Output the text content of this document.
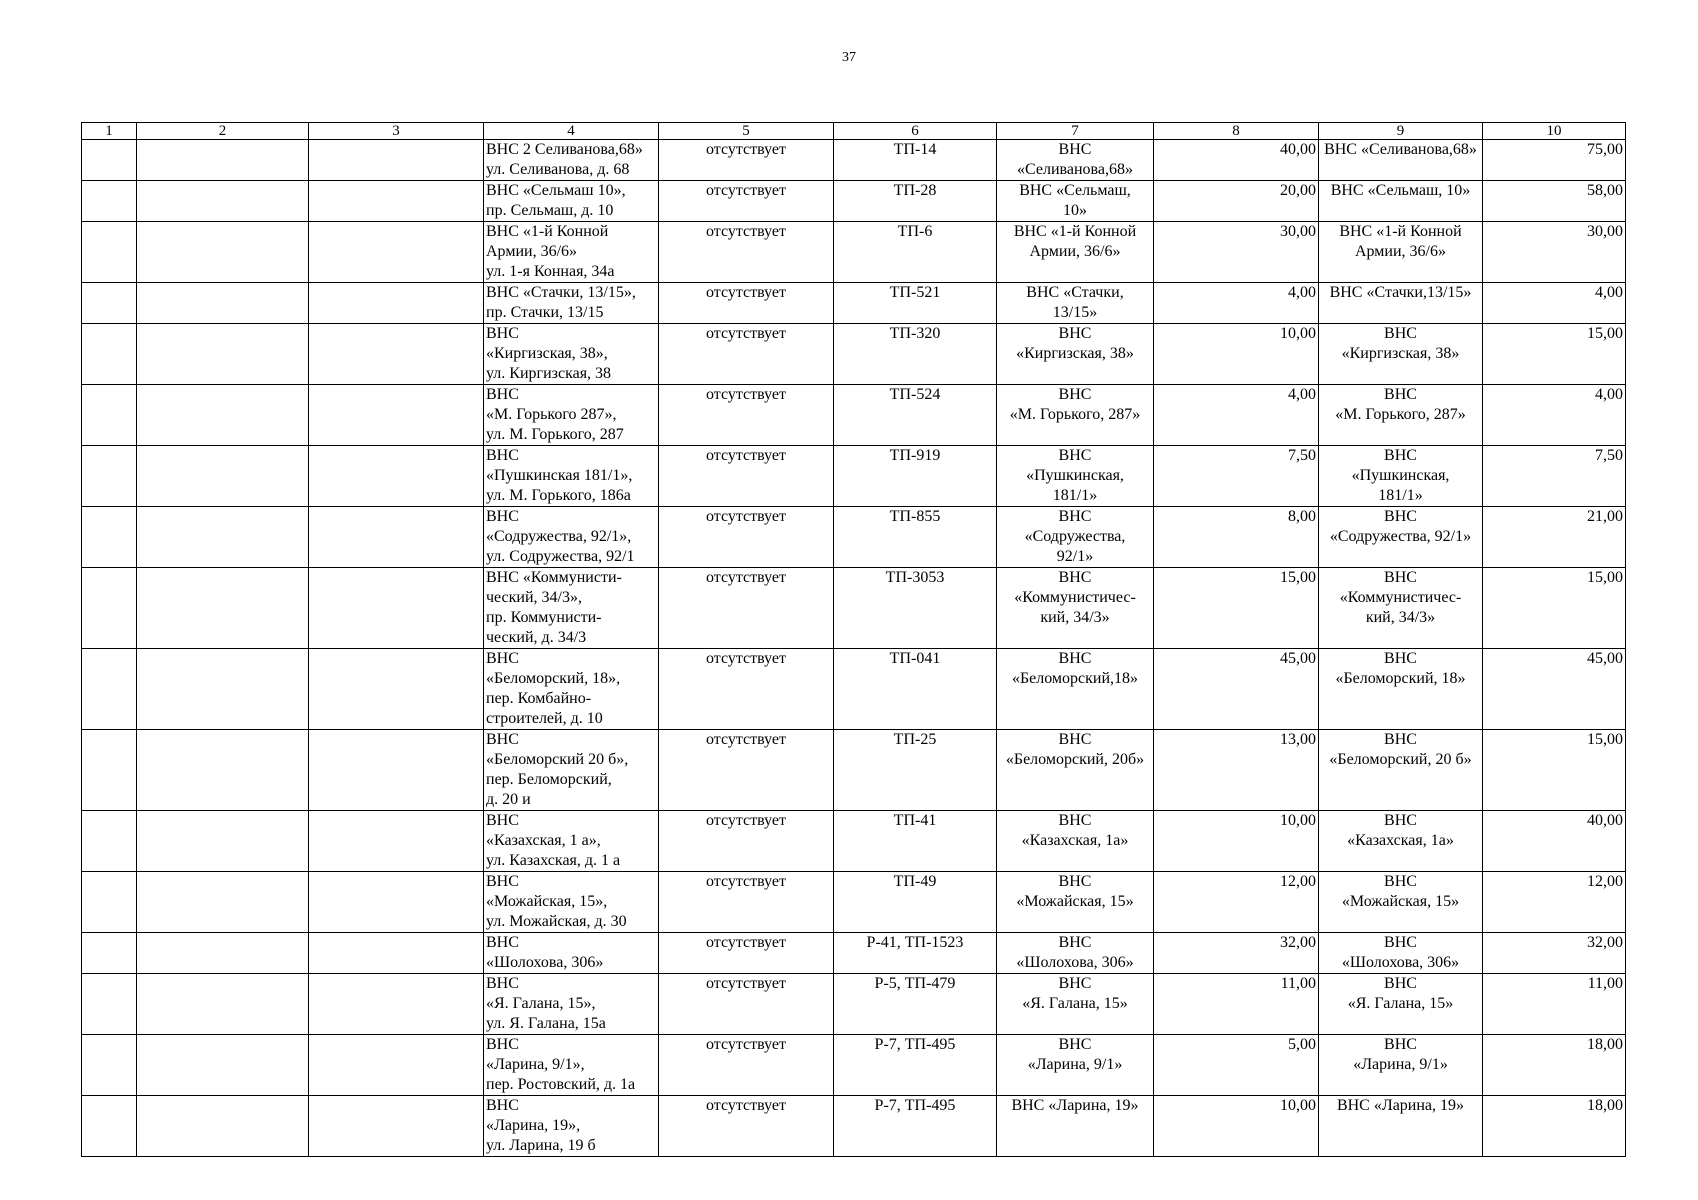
37
1	2	3	4	5	6	7	8	9	10

			ВНС 2 Селиванова,68»
ул. Селиванова, д. 68	отсутствует	ТП-14	ВНС
«Селиванова,68»	40,00	ВНС «Селиванова,68»	75,00

			ВНС «Сельмаш 10»,
пр. Сельмаш, д. 10	отсутствует	ТП-28	ВНС «Сельмаш,
10»	20,00	ВНС «Сельмаш, 10»	58,00

			ВНС «1-й Конной
Армии, 36/6»
ул. 1-я Конная, 34а	отсутствует	ТП-6	ВНС «1-й Конной
Армии, 36/6»	30,00	ВНС «1-й Конной
Армии, 36/6»	30,00

			ВНС «Стачки, 13/15»,
пр. Стачки, 13/15	отсутствует	ТП-521	ВНС «Стачки,
13/15»	4,00	ВНС «Стачки,13/15»	4,00

			ВНС
«Киргизская, 38»,
ул. Киргизская, 38	отсутствует	ТП-320	ВНС
«Киргизская, 38»	10,00	ВНС
«Киргизская, 38»	15,00

			ВНС
«М. Горького 287»,
ул. М. Горького, 287	отсутствует	ТП-524	ВНС
«М. Горького, 287»	4,00	ВНС
«М. Горького, 287»	4,00

			ВНС
«Пушкинская 181/1»,
ул. М. Горького, 186а	отсутствует	ТП-919	ВНС
«Пушкинская,
181/1»	7,50	ВНС
«Пушкинская,
181/1»	7,50

			ВНС
«Содружества, 92/1»,
ул. Содружества, 92/1	отсутствует	ТП-855	ВНС
«Содружества,
92/1»	8,00	ВНС
«Содружества, 92/1»	21,00

			ВНС «Коммунисти-
ческий, 34/3»,
пр. Коммунисти-
ческий, д. 34/3	отсутствует	ТП-3053	ВНС
«Коммунистичес-
кий, 34/3»	15,00	ВНС
«Коммунистичес-
кий, 34/3»	15,00

			ВНС
«Беломорский, 18»,
пер. Комбайно-
строителей, д. 10	отсутствует	ТП-041	ВНС
«Беломорский,18»	45,00	ВНС
«Беломорский, 18»	45,00

			ВНС
«Беломорский 20 б»,
пер. Беломорский,
д. 20 и	отсутствует	ТП-25	ВНС
«Беломорский, 20б»	13,00	ВНС
«Беломорский, 20 б»	15,00

			ВНС
«Казахская, 1 а»,
ул. Казахская, д. 1 а	отсутствует	ТП-41	ВНС
«Казахская, 1а»	10,00	ВНС
«Казахская, 1а»	40,00

			ВНС
«Можайская, 15»,
ул. Можайская, д. 30	отсутствует	ТП-49	ВНС
«Можайская, 15»	12,00	ВНС
«Можайская, 15»	12,00

			ВНС
«Шолохова, 306»	отсутствует	Р-41, ТП-1523	ВНС
«Шолохова, 306»	32,00	ВНС
«Шолохова, 306»	32,00

			ВНС
«Я. Галана, 15»,
ул. Я. Галана, 15а	отсутствует	Р-5, ТП-479	ВНС
«Я. Галана, 15»	11,00	ВНС
«Я. Галана, 15»	11,00

			ВНС
«Ларина, 9/1»,
пер. Ростовский, д. 1а	отсутствует	Р-7, ТП-495	ВНС
«Ларина, 9/1»	5,00	ВНС
«Ларина, 9/1»	18,00

			ВНС
«Ларина, 19»,
ул. Ларина, 19 б	отсутствует	Р-7, ТП-495	ВНС «Ларина, 19»	10,00	ВНС «Ларина, 19»	18,00
